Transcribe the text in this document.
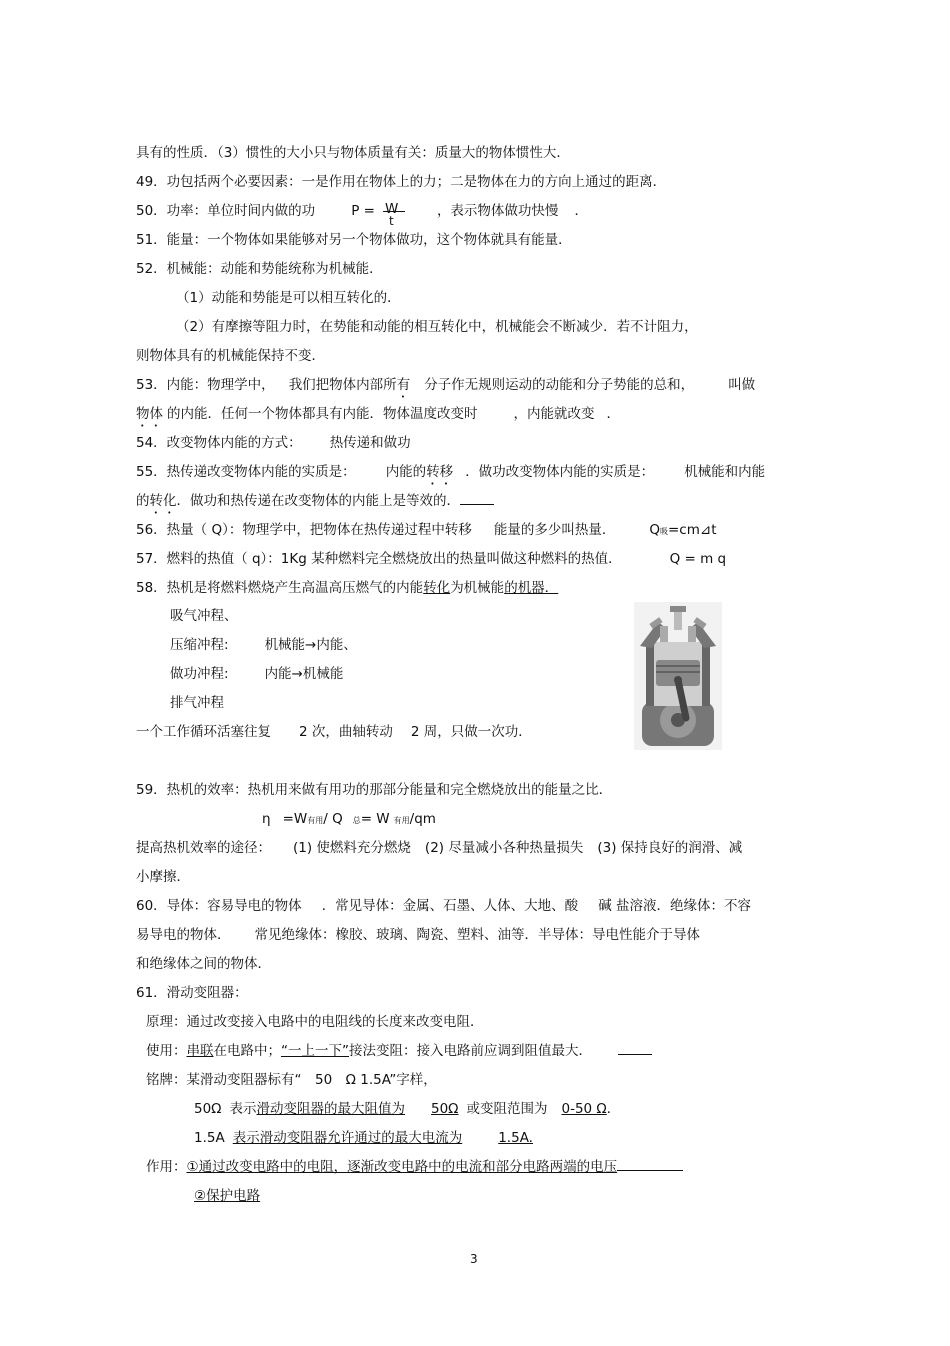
具有的性质．（3）惯性的大小只与物体质量有关：质量大的物体惯性大．
49．功包括两个必要因素：一是作用在物体上的力；二是物体在力的方向上通过的距离．
50．功率：单位时间内做的功	P = W
t
，表示物体做功快慢 ．
51．能量：一个物体如果能够对另一个物体做功，这个物体就具有能量．
52．机械能：动能和势能统称为机械能．
（1）动能和势能是可以相互转化的．
（2）有摩擦等阻力时，在势能和动能的相互转化中，机械能会不断减少．若不计阻力，
则物体具有的机械能保持不变．
53．内能：物理学中， 我们把物体内部所有 分子作无规则运动的动能和分子势能的总和，	叫做
物体 的内能．任何一个物体都具有内能．物体温度改变时	，内能就改变 ．
54．改变物体内能的方式： 热传递和做功
55．热传递改变物体内能的实质是： 内能的转移 ．做功改变物体内能的实质是： 机械能和内能
的转化．做功和热传递在改变物体的内能上是等效的．
56．热量（ Q）：物理学中，把物体在热传递过程中转移 能量的多少叫热量．	Q吸=cm⊿t
57．燃料的热值（ q）：1Kg 某种燃料完全燃烧放出的热量叫做这种燃料的热值．	Q = m q
58．热机是将燃料燃烧产生高温高压燃气的内能转化为机械能的机器．
吸气冲程、
压缩冲程:	机械能→内能、
做功冲程:	内能→机械能
排气冲程
一个工作循环活塞往复 2 次，曲轴转动 2 周，只做一次功．
59．热机的效率：热机用来做有用功的那部分能量和完全燃烧放出的能量之比．
η =W有用/ Q 总= W 有用/qm
提高热机效率的途径： (1) 使燃料充分燃烧 (2) 尽量减小各种热量损失 (3) 保持良好的润滑、减
小摩擦．
60．导体：容易导电的物体 ．常见导体：金属、石墨、人体、大地、酸 碱 盐溶液．绝缘体：不容
易导电的物体． 常见绝缘体：橡胶、玻璃、陶瓷、塑料、油等．半导体：导电性能介于导体
和绝缘体之间的物体．
61．滑动变阻器：
原理：通过改变接入电路中的电阻线的长度来改变电阻．
使用：串联在电路中；“一上一下”接法变阻：接入电路前应调到阻值最大．
铭牌：某滑动变阻器标有“　50　Ω 1.5A”字样，
50Ω 表示滑动变阻器的最大阻值为 50Ω 或变阻范围为 0-50 Ω．
1.5A 表示滑动变阻器允许通过的最大电流为	1.5A.
作用：①通过改变电路中的电阻，逐渐改变电路中的电流和部分电路两端的电压
②保护电路
3
